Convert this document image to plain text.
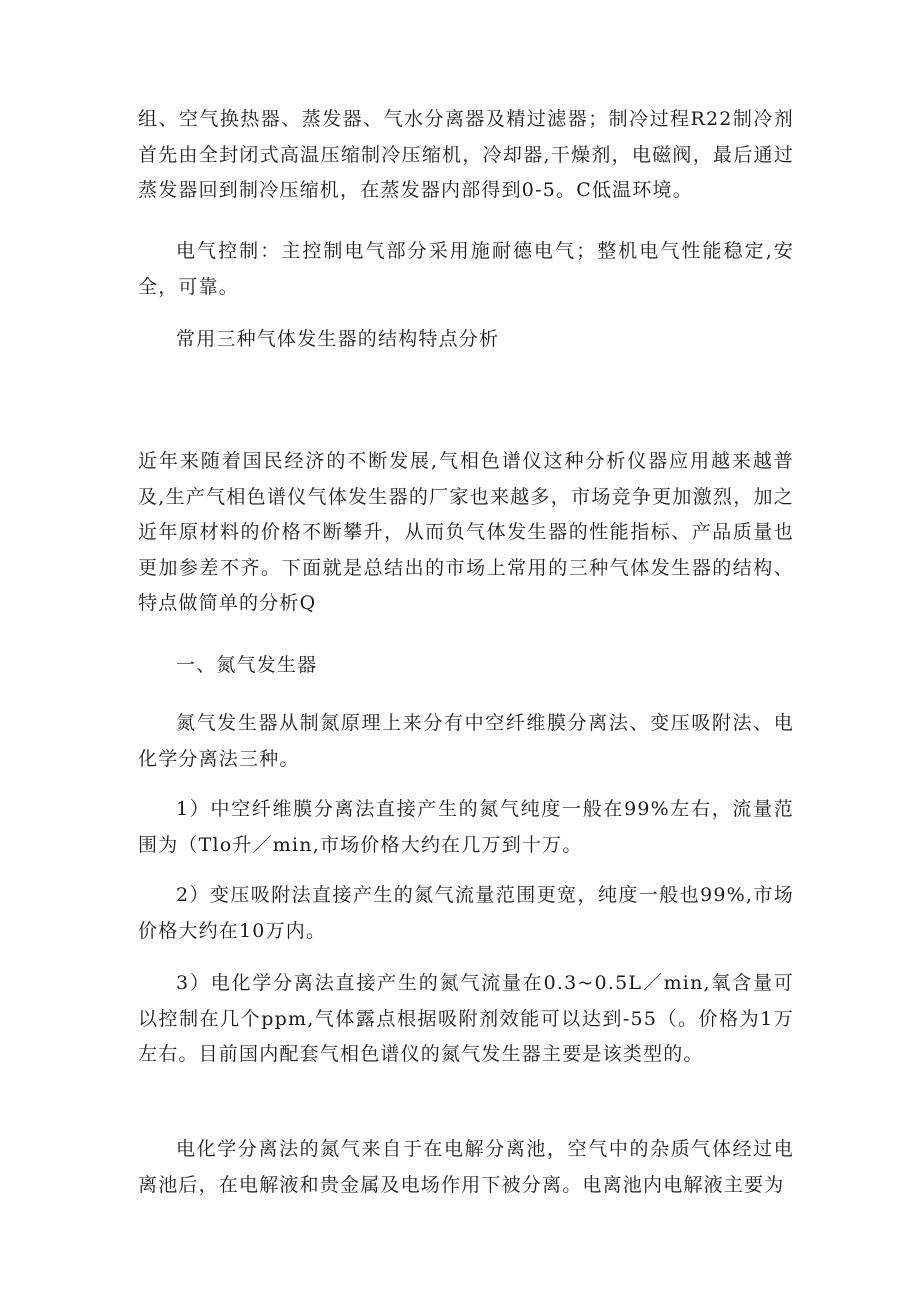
组、空气换热器、蒸发器、气水分离器及精过滤器；制冷过程R22制冷剂首先由全封闭式高温压缩制冷压缩机，冷却器,干燥剂，电磁阀，最后通过蒸发器回到制冷压缩机，在蒸发器内部得到0-5。C低温环境。

电气控制：主控制电气部分采用施耐德电气；整机电气性能稳定,安全，可靠。

常用三种气体发生器的结构特点分析

近年来随着国民经济的不断发展,气相色谱仪这种分析仪器应用越来越普及,生产气相色谱仪气体发生器的厂家也来越多，市场竞争更加激烈，加之近年原材料的价格不断攀升，从而负气体发生器的性能指标、产品质量也更加参差不齐。下面就是总结出的市场上常用的三种气体发生器的结构、特点做简单的分析Q

一、氮气发生器

氮气发生器从制氮原理上来分有中空纤维膜分离法、变压吸附法、电化学分离法三种。

1）中空纤维膜分离法直接产生的氮气纯度一般在99%左右，流量范围为（Tlo升／min,市场价格大约在几万到十万。

2）变压吸附法直接产生的氮气流量范围更宽，纯度一般也99%,市场价格大约在10万内。

3）电化学分离法直接产生的氮气流量在0.3~0.5L／min,氧含量可以控制在几个ppm,气体露点根据吸附剂效能可以达到-55（。价格为1万左右。目前国内配套气相色谱仪的氮气发生器主要是该类型的。

电化学分离法的氮气来自于在电解分离池，空气中的杂质气体经过电离池后，在电解液和贵金属及电场作用下被分离。电离池内电解液主要为
